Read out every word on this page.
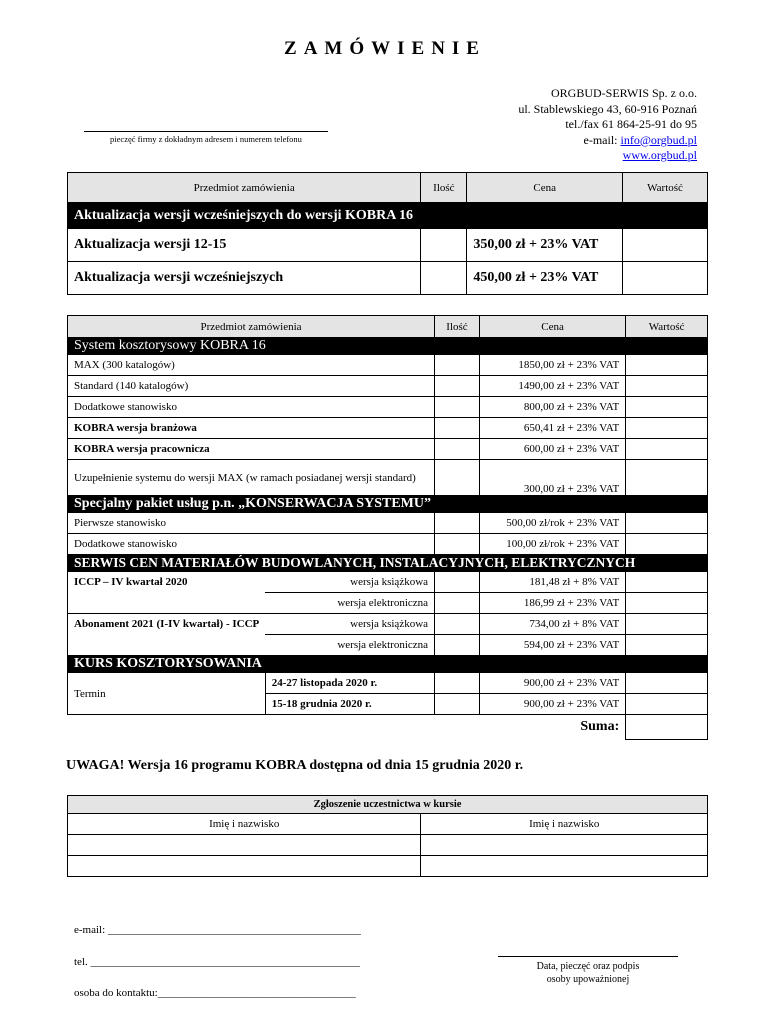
ZAMÓWIENIE
ORGBUD-SERWIS Sp. z o.o.
ul. Stablewskiego 43, 60-916 Poznań
tel./fax 61 864-25-91 do 95
e-mail: info@orgbud.pl
www.orgbud.pl
pieczęć firmy z dokładnym adresem i numerem telefonu
Przedmiot zamówienia	Ilość	Cena	Wartość
Aktualizacja wersji wcześniejszych do wersji KOBRA 16			
Aktualizacja wersji 12-15		350,00 zł + 23% VAT	
Aktualizacja wersji wcześniejszych		450,00 zł + 23% VAT	
Przedmiot zamówienia		Ilość	Cena	Wartość
System kosztorysowy KOBRA 16				
MAX (300 katalogów)			1850,00 zł + 23% VAT	
Standard (140 katalogów)			1490,00 zł + 23% VAT	
Dodatkowe stanowisko			800,00 zł + 23% VAT	
KOBRA wersja branżowa			650,41 zł + 23% VAT	
KOBRA wersja pracownicza			600,00 zł + 23% VAT	
Uzupełnienie systemu do wersji MAX (w ramach posiadanej wersji standard)			300,00 zł + 23% VAT	
Specjalny pakiet usług p.n. „KONSERWACJA SYSTEMU”				
Pierwsze stanowisko			500,00 zł/rok + 23% VAT	
Dodatkowe stanowisko			100,00 zł/rok + 23% VAT	
SERWIS CEN MATERIAŁÓW BUDOWLANYCH, INSTALACYJNYCH, ELEKTRYCZNYCH				
ICCP – IV kwartał 2020	wersja książkowa		181,48 zł + 8% VAT	
	wersja elektroniczna		186,99 zł + 23% VAT	
Abonament 2021 (I-IV kwartał) - ICCP	wersja książkowa		734,00 zł + 8% VAT	
	wersja elektroniczna		594,00 zł + 23% VAT	
KURS KOSZTORYSOWANIA				
Termin	24-27 listopada 2020 r.		900,00 zł + 23% VAT	
	15-18 grudnia 2020 r.		900,00 zł + 23% VAT	
Suma:				
UWAGA! Wersja 16 programu KOBRA dostępna od dnia 15 grudnia 2020 r.
Zgłoszenie uczestnictwa w kursie	
Imię i nazwisko	Imię i nazwisko

e-mail: ______________________________________________
tel. _________________________________________________
osoba do kontaktu:____________________________________
Data, pieczęć oraz podpis
osoby upoważnionej
